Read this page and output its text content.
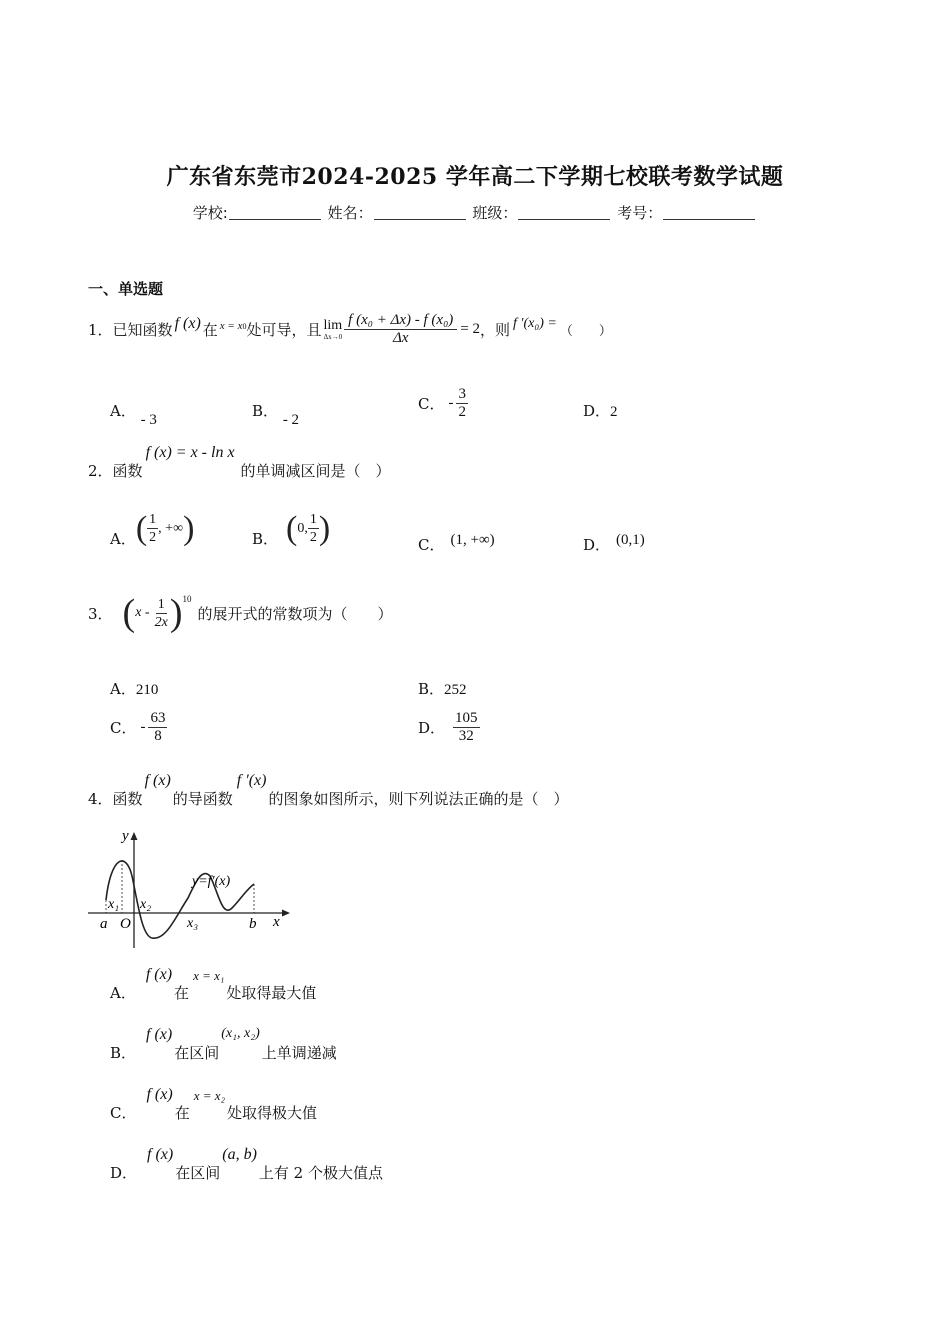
广东省东莞市2024-2025 学年高二下学期七校联考数学试题
学校:	姓名：	班级：	考号：
一、单选题
1． 已知函数 f (x) 在 x = x0 处可导，且 lim
$\Delta x\to 0 \frac{\text{f (x₀ + Δx) - f (x₀)}}{\Delta x} = 2$ ，则 f ′(x₀) =
（　　）
A． - 3	B． - 2
C． - $\frac{3}{2}$	D．2
2． 函数
f (x) = x - ln x
的单调减区间是（　）
A． ( $\frac{1}{2}$ , +∞ )	B． ( 0, $\frac{1}{2}$ )	C． (1, +∞)	D． (0,1)
3． ( x - $\frac{1}{2x}$ ) 10
的展开式的常数项为（　　）
A．210	B．252
C． - $\frac{63}{8}$	D． $\frac{105}{32}$
4． 函数
f (x)
的导函数
f ′(x)
的图象如图所示，则下列说法正确的是（　）
y
x
O
a	b
x₁ x₂
x₃
y=f′(x)
A．
f (x)
在
x = x₁
处取得最大值
B．
f (x)
在区间
(x₁, x₂)
上单调递减
C．
f (x)
在
x = x₂
处取得极大值
D．
f (x)
在区间
(a, b)
上有 2 个极大值点
